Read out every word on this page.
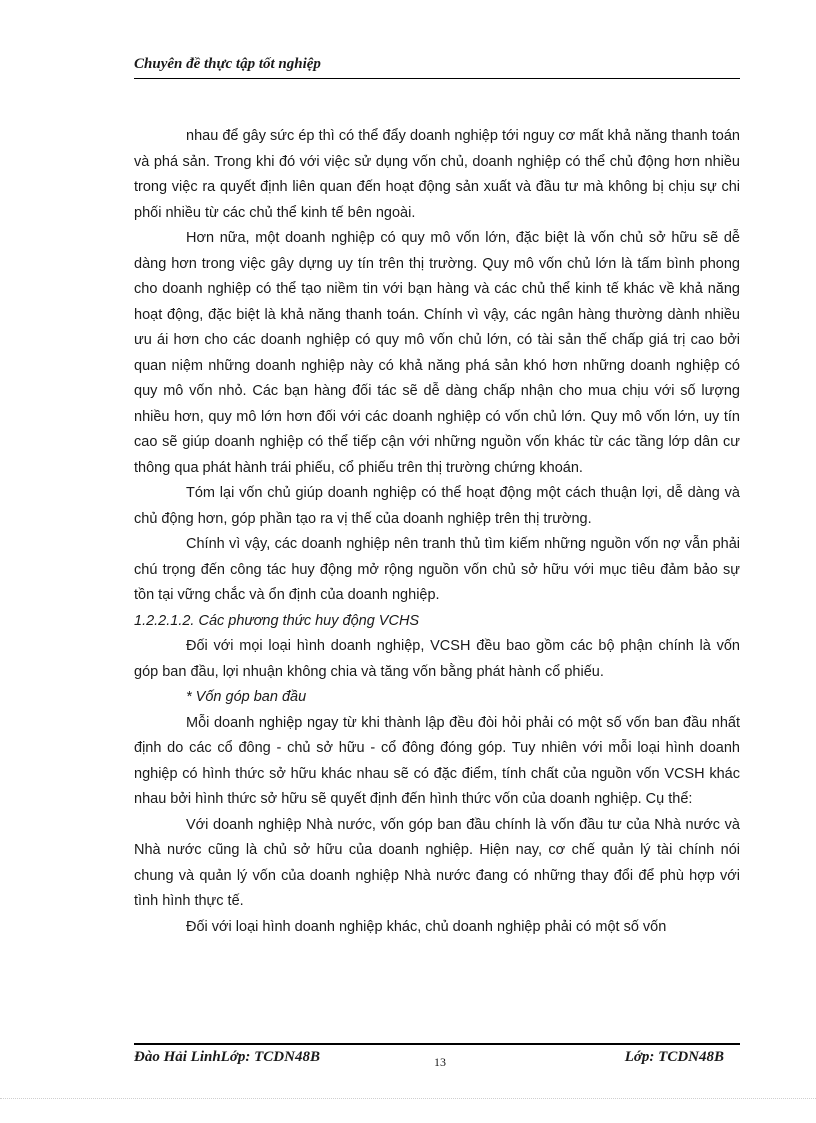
Chuyên đề thực tập tốt nghiệp

nhau để gây sức ép thì có thể đẩy doanh nghiệp tới nguy cơ mất khả năng thanh toán và phá sản. Trong khi đó với việc sử dụng vốn chủ, doanh nghiệp có thể chủ động hơn nhiều trong việc ra quyết định liên quan đến hoạt động sản xuất và đầu tư mà không bị chịu sự chi phối nhiều từ các chủ thể kinh tế bên ngoài.

Hơn nữa, một doanh nghiệp có quy mô vốn lớn, đặc biệt là vốn chủ sở hữu sẽ dễ dàng hơn trong việc gây dựng uy tín trên thị trường. Quy mô vốn chủ lớn là tấm bình phong cho doanh nghiệp có thể tạo niềm tin với bạn hàng và các chủ thể kinh tế khác về khả năng hoạt động, đặc biệt là khả năng thanh toán. Chính vì vậy, các ngân hàng thường dành nhiều ưu ái hơn cho các doanh nghiệp có quy mô vốn chủ lớn, có tài sản thế chấp giá trị cao bởi quan niệm những doanh nghiệp này có khả năng phá sản khó hơn những doanh nghiệp có quy mô vốn nhỏ. Các bạn hàng đối tác sẽ dễ dàng chấp nhận cho mua chịu với số lượng nhiều hơn, quy mô lớn hơn đối với các doanh nghiệp có vốn chủ lớn. Quy mô vốn lớn, uy tín cao sẽ giúp doanh nghiệp có thể tiếp cận với những nguồn vốn khác từ các tầng lớp dân cư thông qua phát hành trái phiếu, cổ phiếu trên thị trường chứng khoán.

Tóm lại vốn chủ giúp doanh nghiệp có thể hoạt động một cách thuận lợi, dễ dàng và chủ động hơn, góp phần tạo ra vị thế của doanh nghiệp trên thị trường.

Chính vì vậy, các doanh nghiệp nên tranh thủ tìm kiếm những nguồn vốn nợ vẫn phải chú trọng đến công tác huy động mở rộng nguồn vốn chủ sở hữu với mục tiêu đảm bảo sự tồn tại vững chắc và ổn định của doanh nghiệp.

1.2.2.1.2. Các phương thức huy động VCHS

Đối với mọi loại hình doanh nghiệp, VCSH đều bao gồm các bộ phận chính là vốn góp ban đầu, lợi nhuận không chia và tăng vốn bằng phát hành cổ phiếu.

* Vốn góp ban đầu

Mỗi doanh nghiệp ngay từ khi thành lập đều đòi hỏi phải có một số vốn ban đầu nhất định do các cổ đông - chủ sở hữu - cổ đông đóng góp. Tuy nhiên với mỗi loại hình doanh nghiệp có hình thức sở hữu khác nhau sẽ có đặc điểm, tính chất của nguồn vốn VCSH khác nhau bởi hình thức sở hữu sẽ quyết định đến hình thức vốn của doanh nghiệp. Cụ thể:

Với doanh nghiệp Nhà nước, vốn góp ban đầu chính là vốn đầu tư của Nhà nước và Nhà nước cũng là chủ sở hữu của doanh nghiệp. Hiện nay, cơ chế quản lý tài chính nói chung và quản lý vốn của doanh nghiệp Nhà nước đang có những thay đổi để phù hợp với tình hình thực tế.

Đối với loại hình doanh nghiệp khác, chủ doanh nghiệp phải có một số vốn

Đào Hải LinhLớp: TCDN48B	13	Lớp: TCDN48B
